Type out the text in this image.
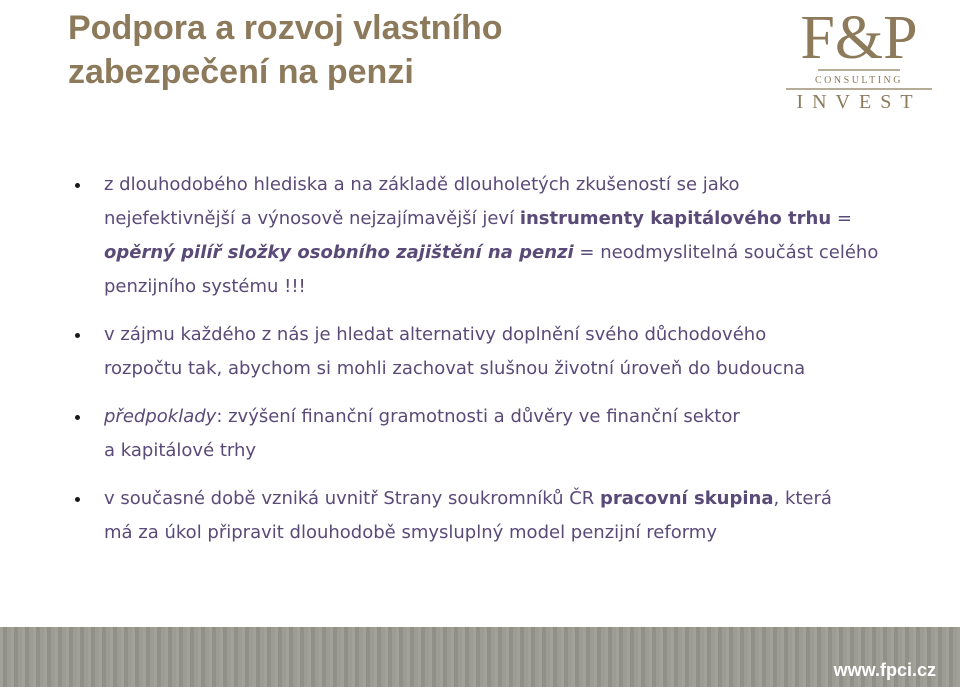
Podpora a rozvoj vlastního
zabezpečení na penzi	F&P
CONSULTING
INVEST
z dlouhodobého hlediska a na základě dlouholetých zkušeností se jako
nejefektivnější a výnosově nejzajímavější jeví instrumenty kapitálového trhu =
opěrný pilíř složky osobního zajištění na penzi = neodmyslitelná součást celého
penzijního systému !!!
v zájmu každého z nás je hledat alternativy doplnění svého důchodového
rozpočtu tak, abychom si mohli zachovat slušnou životní úroveň do budoucna
předpoklady: zvýšení finanční gramotnosti a důvěry ve finanční sektor
a kapitálové trhy
v současné době vzniká uvnitř Strany soukromníků ČR pracovní skupina, která
má za úkol připravit dlouhodobě smysluplný model penzijní reformy
www.fpci.cz
